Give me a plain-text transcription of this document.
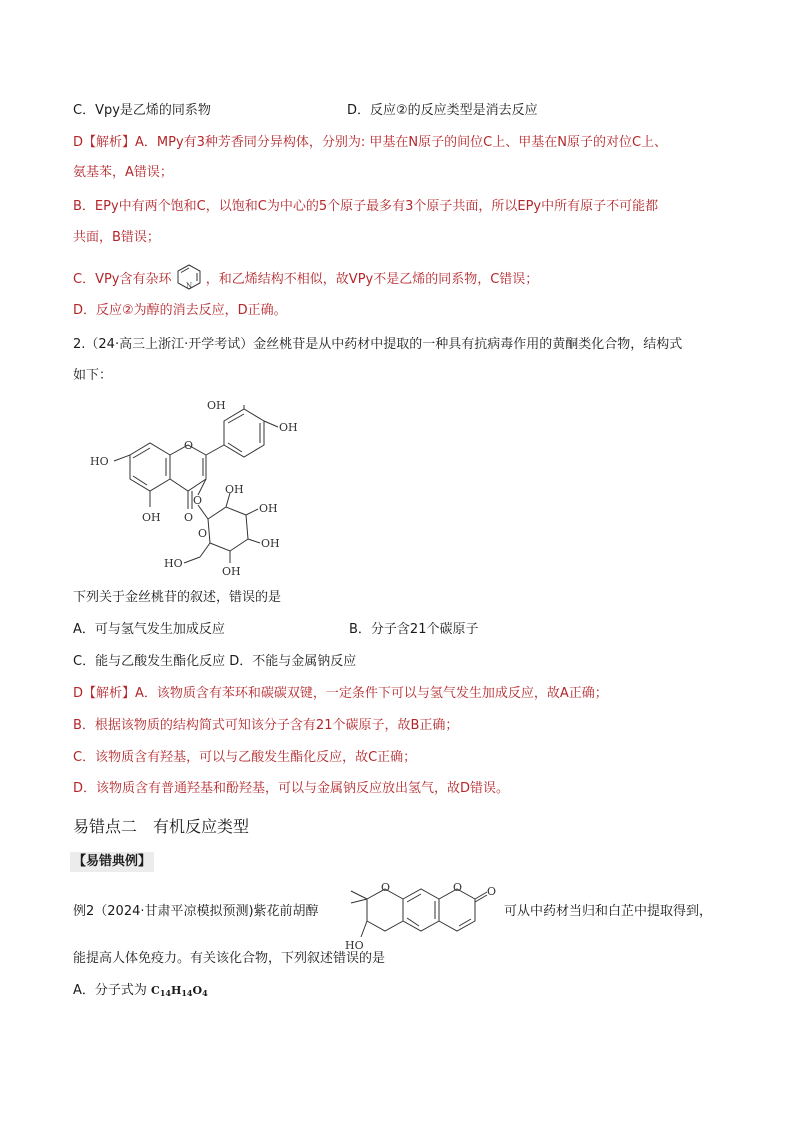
C．Vpy是乙烯的同系物	D．反应②的反应类型是消去反应
D【解析】A．MPy有3种芳香同分异构体，分别为: 甲基在N原子的间位C上、甲基在N原子的对位C上、
氨基苯，A错误；
B．EPy中有两个饱和C，以饱和C为中心的5个原子最多有3个原子共面，所以EPy中所有原子不可能都
共面，B错误；
C．VPy含有杂环 N ，和乙烯结构不相似，故VPy不是乙烯的同系物，C错误；
D．反应②为醇的消去反应，D正确。
2.（24·高三上浙江·开学考试）金丝桃苷是从中药材中提取的一种具有抗病毒作用的黄酮类化合物，结构式
如下：
OH
OH
HO
O
O
OH
O
OH
OH
OH
OH
O
HO
下列关于金丝桃苷的叙述，错误的是
A．可与氢气发生加成反应	B．分子含21个碳原子
C．能与乙酸发生酯化反应 D．不能与金属钠反应
D【解析】A．该物质含有苯环和碳碳双键，一定条件下可以与氢气发生加成反应，故A正确；
B．根据该物质的结构简式可知该分子含有21个碳原子，故B正确；
C．该物质含有羟基，可以与乙酸发生酯化反应，故C正确；
D．该物质含有普通羟基和酚羟基，可以与金属钠反应放出氢气，故D错误。
易错点二　有机反应类型
【易错典例】
例2（2024·甘肃平凉模拟预测)紫花前胡醇
O	O O
HO
可从中药材当归和白芷中提取得到，
能提高人体免疫力。有关该化合物，下列叙述错误的是
A．分子式为 $C_{14}H_{14}O_4$
